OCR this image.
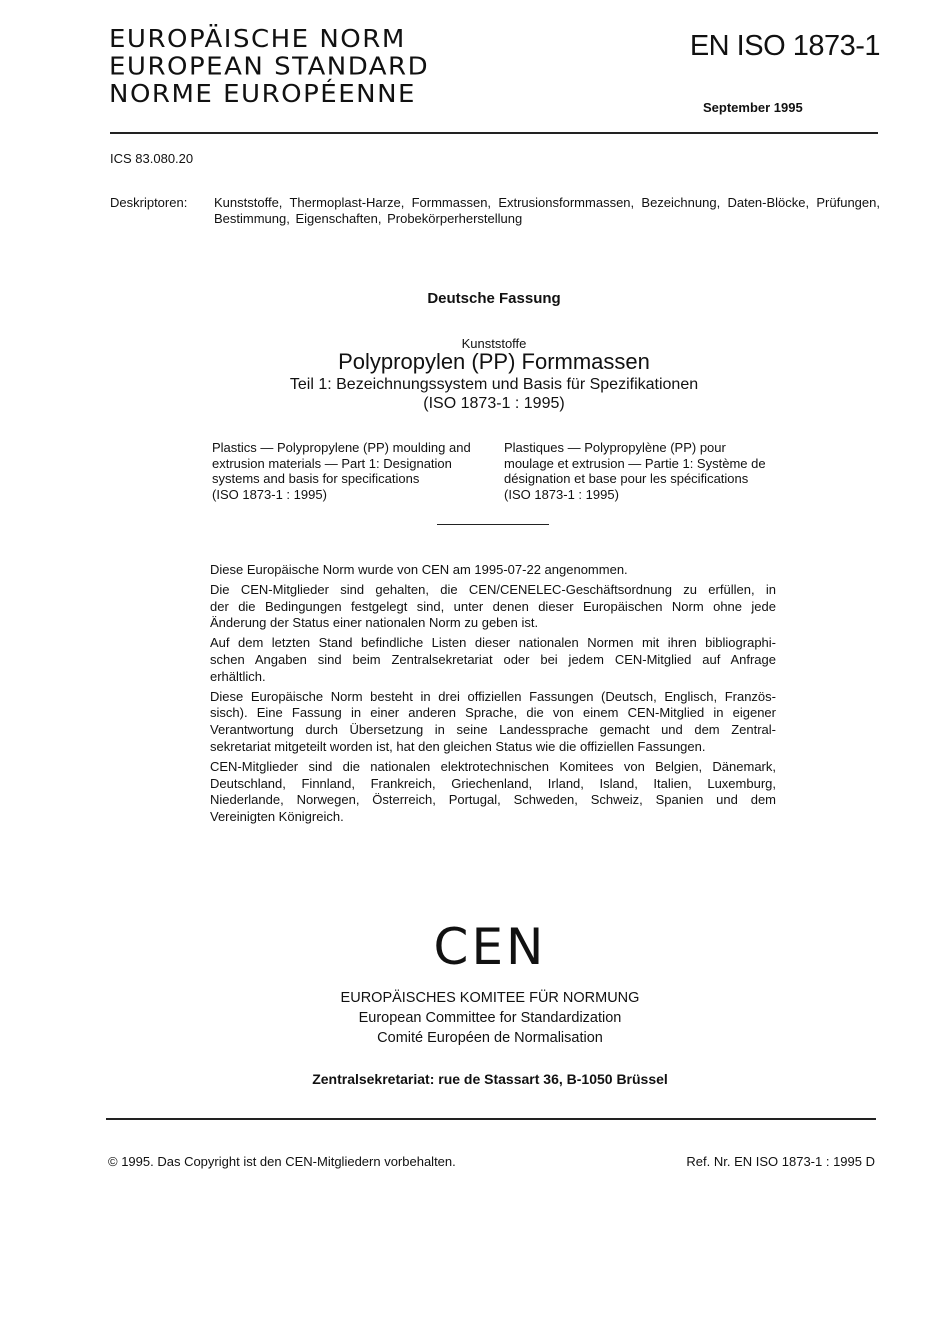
EUROPÄISCHE NORM
EUROPEAN STANDARD
NORME EUROPÉENNE
EN ISO 1873-1
September 1995
ICS 83.080.20
Deskriptoren: Kunststoffe, Thermoplast-Harze, Formmassen, Extrusionsformmassen, Bezeichnung, Daten-Blöcke, Prüfungen, Bestimmung, Eigenschaften, Probekörperherstellung
Deutsche Fassung
Kunststoffe
Polypropylen (PP) Formmassen
Teil 1: Bezeichnungssystem und Basis für Spezifikationen
(ISO 1873-1 : 1995)
Plastics — Polypropylene (PP) moulding and
extrusion materials — Part 1: Designation
systems and basis for specifications
(ISO 1873-1 : 1995)
Plastiques — Polypropylène (PP) pour
moulage et extrusion — Partie 1: Système de
désignation et base pour les spécifications
(ISO 1873-1 : 1995)

Diese Europäische Norm wurde von CEN am 1995-07-22 angenommen.

Die CEN-Mitglieder sind gehalten, die CEN/CENELEC-Geschäftsordnung zu erfüllen, in
der die Bedingungen festgelegt sind, unter denen dieser Europäischen Norm ohne jede
Änderung der Status einer nationalen Norm zu geben ist.

Auf dem letzten Stand befindliche Listen dieser nationalen Normen mit ihren bibliographi-
schen Angaben sind beim Zentralsekretariat oder bei jedem CEN-Mitglied auf Anfrage
erhältlich.

Diese Europäische Norm besteht in drei offiziellen Fassungen (Deutsch, Englisch, Französ-
sisch). Eine Fassung in einer anderen Sprache, die von einem CEN-Mitglied in eigener
Verantwortung durch Übersetzung in seine Landessprache gemacht und dem Zentral-
sekretariat mitgeteilt worden ist, hat den gleichen Status wie die offiziellen Fassungen.

CEN-Mitglieder sind die nationalen elektrotechnischen Komitees von Belgien, Dänemark,
Deutschland, Finnland, Frankreich, Griechenland, Irland, Island, Italien, Luxemburg,
Niederlande, Norwegen, Österreich, Portugal, Schweden, Schweiz, Spanien und dem
Vereinigten Königreich.

CEN
EUROPÄISCHES KOMITEE FÜR NORMUNG
European Committee for Standardization
Comité Européen de Normalisation
Zentralsekretariat: rue de Stassart 36, B-1050 Brüssel
© 1995. Das Copyright ist den CEN-Mitgliedern vorbehalten.	Ref. Nr. EN ISO 1873-1 : 1995 D
